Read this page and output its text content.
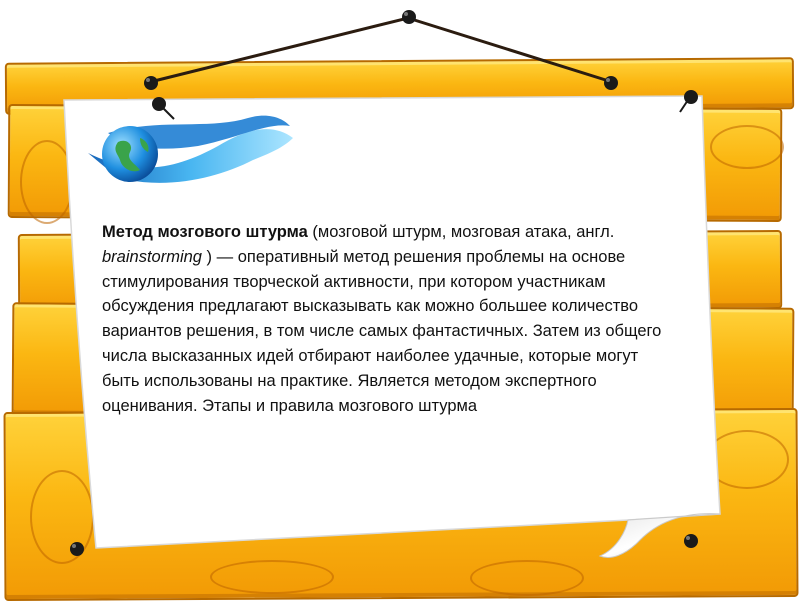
Метод мозгового штурма (мозговой штурм, мозговая атака, англ. brainstorming ) — оперативный метод решения проблемы на основе стимулирования творческой активности, при котором участникам обсуждения предлагают высказывать как можно большее количество вариантов решения, в том числе самых фантастичных. Затем из общего числа высказанных идей отбирают наиболее удачные, которые могут быть использованы на практике. Является методом экспертного оценивания. Этапы и правила мозгового штурма
